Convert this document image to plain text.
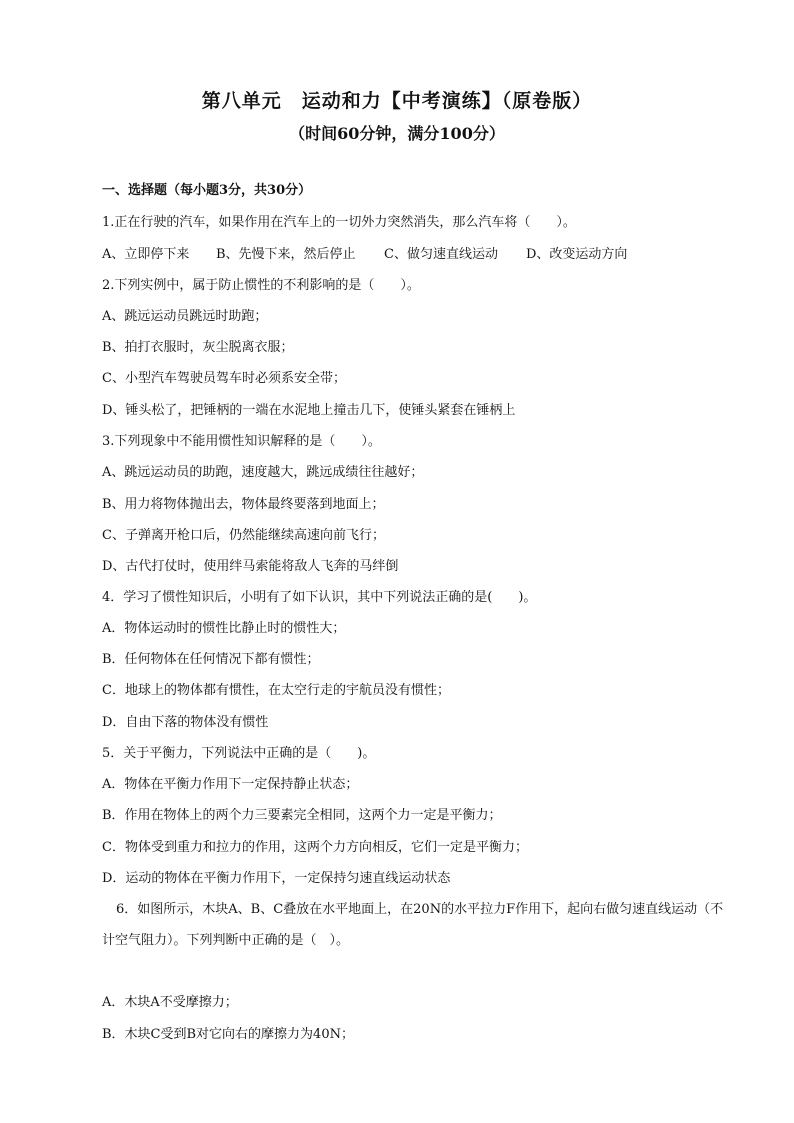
第八单元　运动和力【中考演练】（原卷版）
（时间60分钟，满分100分）
一、选择题（每小题3分，共30分）
1.正在行驶的汽车，如果作用在汽车上的一切外力突然消失，那么汽车将（　　）。
A、立即停下来 B、先慢下来，然后停止 C、做匀速直线运动 D、改变运动方向
2.下列实例中，属于防止惯性的不利影响的是（　　）。
A、跳远运动员跳远时助跑；
B、拍打衣服时，灰尘脱离衣服；
C、小型汽车驾驶员驾车时必须系安全带；
D、锤头松了，把锤柄的一端在水泥地上撞击几下，使锤头紧套在锤柄上
3.下列现象中不能用惯性知识解释的是（　　）。
A、跳远运动员的助跑，速度越大，跳远成绩往往越好；
B、用力将物体抛出去，物体最终要落到地面上；
C、子弹离开枪口后，仍然能继续高速向前飞行；
D、古代打仗时，使用绊马索能将敌人飞奔的马绊倒
4．学习了惯性知识后，小明有了如下认识，其中下列说法正确的是(　　)。
A．物体运动时的惯性比静止时的惯性大；
B．任何物体在任何情况下都有惯性；
C．地球上的物体都有惯性，在太空行走的宇航员没有惯性；
D．自由下落的物体没有惯性
5．关于平衡力，下列说法中正确的是（　　)。
A．物体在平衡力作用下一定保持静止状态；
B．作用在物体上的两个力三要素完全相同，这两个力一定是平衡力；
C．物体受到重力和拉力的作用，这两个力方向相反，它们一定是平衡力；
D．运动的物体在平衡力作用下，一定保持匀速直线运动状态
6．如图所示，木块A、B、C叠放在水平地面上，在20N的水平拉力F作用下，起向右做匀速直线运动（不
计空气阻力）。下列判断中正确的是（　）。
A．木块A不受摩擦力；
B．木块C受到B对它向右的摩擦力为40N；
